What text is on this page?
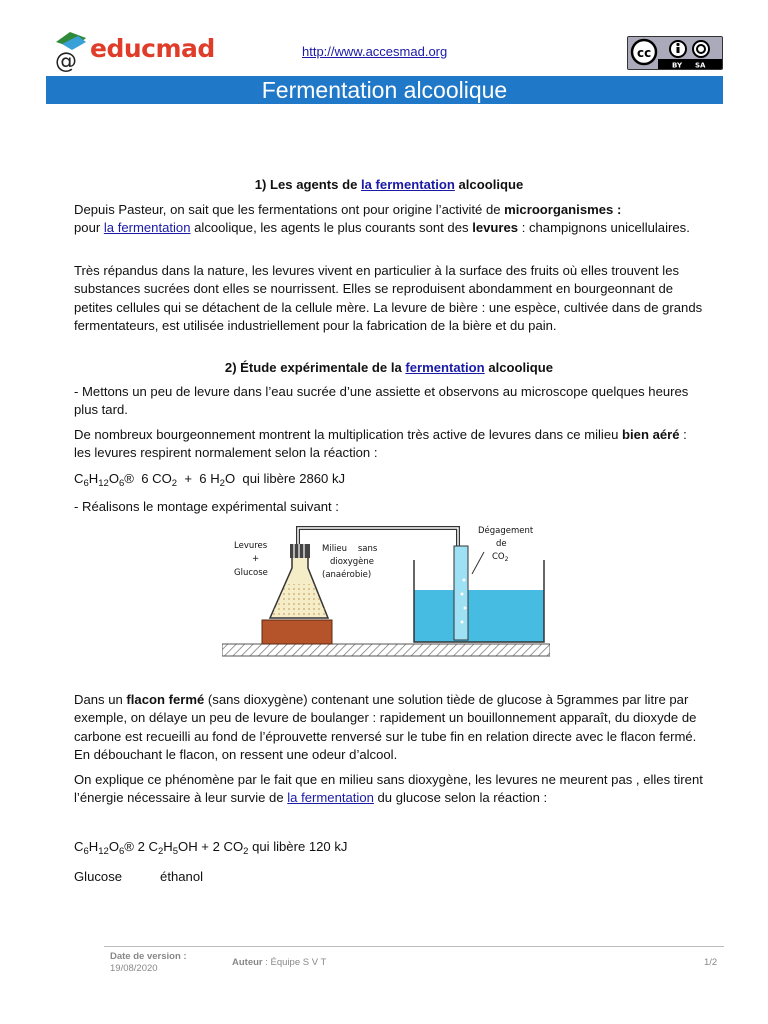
@ educmad	http://www.accesmad.org	cc
BY SA
Fermentation alcoolique
1) Les agents de la fermentation alcoolique
Depuis Pasteur, on sait que les fermentations ont pour origine l’activité de microorganismes :
pour la fermentation alcoolique, les agents le plus courants sont des levures : champignons unicellulaires.
Très répandus dans la nature, les levures vivent en particulier à la surface des fruits où elles trouvent les substances sucrées dont elles se nourrissent. Elles se reproduisent abondamment en bourgeonnant de petites cellules qui se détachent de la cellule mère. La levure de bière : une espèce, cultivée dans de grands fermentateurs, est utilisée industriellement pour la fabrication de la bière et du pain.
2) Étude expérimentale de la fermentation alcoolique
- Mettons un peu de levure dans l’eau sucrée d’une assiette et observons au microscope quelques heures plus tard.
De nombreux bourgeonnement montrent la multiplication très active de levures dans ce milieu bien aéré : les levures respirent normalement selon la réaction :
$C_6H_{12}O_6®$  6 $CO_2 + 6$ $H_2O$  qui libère 2860 kJ
- Réalisons le montage expérimental suivant :
Levures
+
Glucose
Milieu    sans
dioxygène
(anaérobie)
Dégagement
de
$CO_2$
Dans un flacon fermé (sans dioxygène) contenant une solution tiède de glucose à 5grammes par litre par exemple, on délaye un peu de levure de boulanger : rapidement un bouillonnement apparaît, du dioxyde de carbone est recueilli au fond de l’éprouvette renversé sur le tube fin en relation directe avec le flacon fermé. En débouchant le flacon, on ressent une odeur d’alcool.
On explique ce phénomène par le fait que en milieu sans dioxygène, les levures ne meurent pas , elles tirent l’énergie nécessaire à leur survie de la fermentation du glucose selon la réaction :
$C_6H_{12}O_6®$ 2 $C_2H_5OH + 2$ $CO_2$ qui libère 120 kJ
Glucose	éthanol
Date de version :
19/08/2020
Auteur : Équipe S V T	1/2
